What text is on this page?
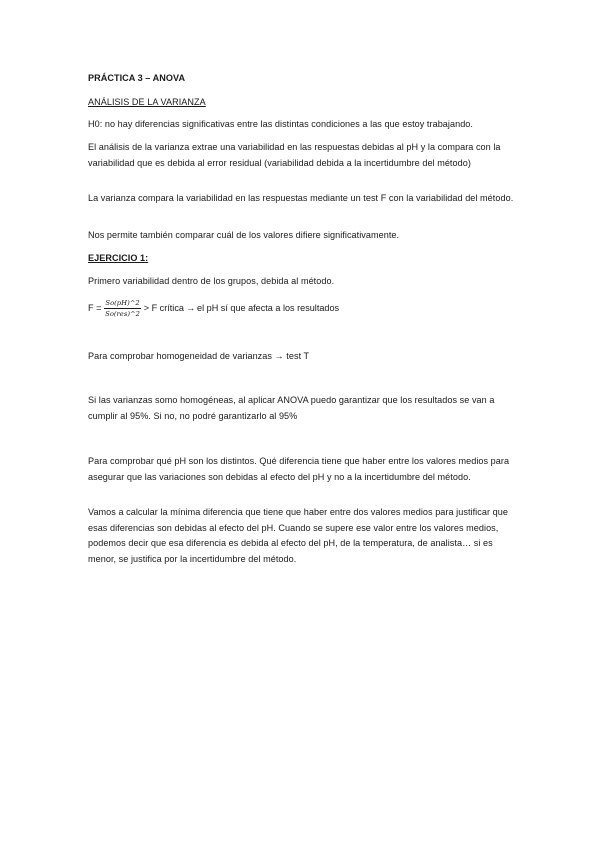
PRÁCTICA 3 – ANOVA
ANÁLISIS DE LA VARIANZA
H0: no hay diferencias significativas entre las distintas condiciones a las que estoy trabajando.
El análisis de la varianza extrae una variabilidad en las respuestas debidas al pH y la compara con la variabilidad que es debida al error residual (variabilidad debida a la incertidumbre del método)
La varianza compara la variabilidad en las respuestas mediante un test F con la variabilidad del método.
Nos permite también comparar cuál de los valores difiere significativamente.
EJERCICIO 1:
Primero variabilidad dentro de los grupos, debida al método.
$F = \frac{So(pH)\^{}2}{\text{So(res)\textasciicircum{}2}} > F$ crítica → el pH sí que afecta a los resultados
Para comprobar homogeneidad de varianzas → test T
Si las varianzas somo homogéneas, al aplicar ANOVA puedo garantizar que los resultados se van a cumplir al 95%. Si no, no podré garantizarlo al 95%
Para comprobar qué pH son los distintos. Qué diferencia tiene que haber entre los valores medios para asegurar que las variaciones son debidas al efecto del pH y no a la incertidumbre del método.
Vamos a calcular la mínima diferencia que tiene que haber entre dos valores medios para justificar que esas diferencias son debidas al efecto del pH. Cuando se supere ese valor entre los valores medios, podemos decir que esa diferencia es debida al efecto del pH, de la temperatura, de analista… si es menor, se justifica por la incertidumbre del método.
